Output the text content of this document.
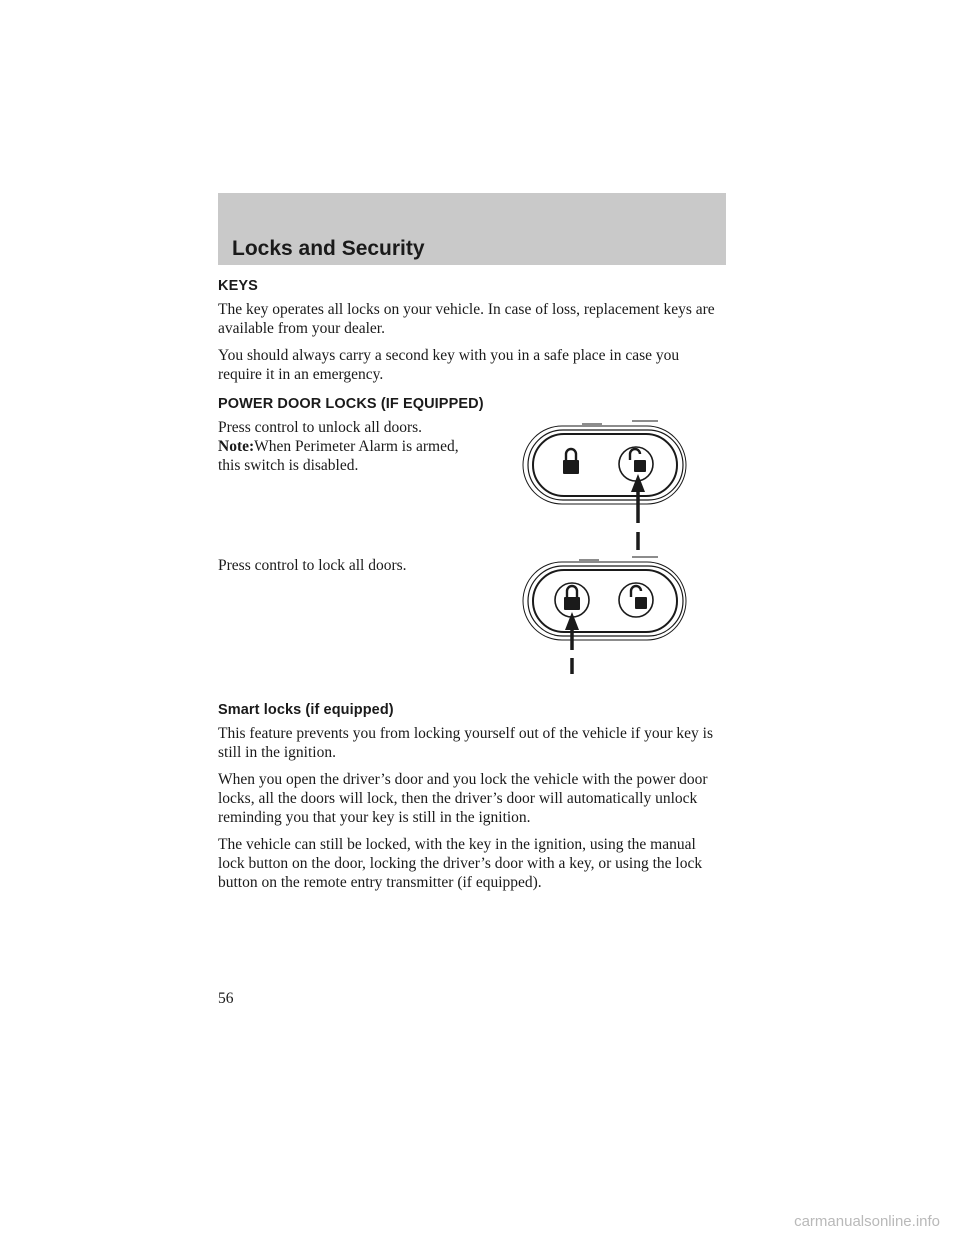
Locks and Security
KEYS

The key operates all locks on your vehicle. In case of loss, replacement keys are available from your dealer.

You should always carry a second key with you in a safe place in case you require it in an emergency.

POWER DOOR LOCKS (IF EQUIPPED)

Press control to unlock all doors.

Note:When Perimeter Alarm is armed, this switch is disabled.

Press control to lock all doors.

Smart locks (if equipped)

This feature prevents you from locking yourself out of the vehicle if your key is still in the ignition.

When you open the driver’s door and you lock the vehicle with the power door locks, all the doors will lock, then the driver’s door will automatically unlock reminding you that your key is still in the ignition.

The vehicle can still be locked, with the key in the ignition, using the manual lock button on the door, locking the driver’s door with a key, or using the lock button on the remote entry transmitter (if equipped).

56
carmanualsonline.info
